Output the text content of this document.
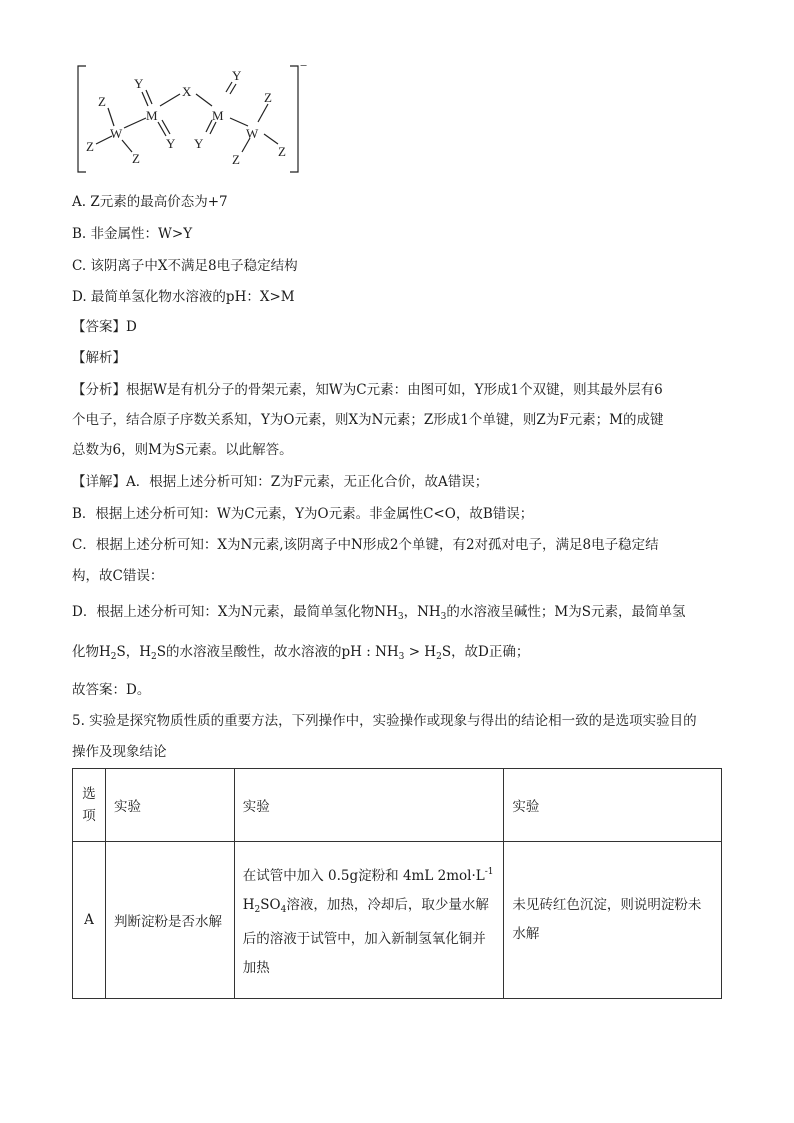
Z
Z
Z
W
Y
M
Y
X
Y
M
Y
W
Z
Z
Z
−
A. Z元素的最高价态为+7
B. 非金属性：W>Y
C. 该阴离子中X不满足8电子稳定结构
D. 最简单氢化物水溶液的pH：X>M
【答案】D
【解析】
【分析】根据W是有机分子的骨架元素，知W为C元素：由图可如，Y形成1个双键，则其最外层有6
个电子，结合原子序数关系知，Y为O元素，则X为N元素；Z形成1个单键，则Z为F元素；M的成键
总数为6，则M为S元素。以此解答。
【详解】A．根据上述分析可知：Z为F元素，无正化合价，故A错误；
B．根据上述分析可知：W为C元素，Y为O元素。非金属性C<O，故B错误；
C．根据上述分析可知：X为N元素,该阴离子中N形成2个单键，有2对孤对电子，满足8电子稳定结
构，故C错误：
D．根据上述分析可知：X为N元素，最简单氢化物$NH_3$，$NH_3$的水溶液呈碱性；M为S元素，最简单氢
化物$H_2S$，$H_2S$的水溶液呈酸性，故水溶液的pH : $NH_3 > H_2S$，故D正确；
故答案：D。
5. 实验是探究物质性质的重要方法，下列操作中，实验操作或现象与得出的结论相一致的是选项实验目的
操作及现象结论
选项	实验	实验	实验
A	判断淀粉是否水解	在试管中加入 0.5g淀粉和 4mL $2mol\cdot L^{-1}$
$H_2SO_4$溶液，加热，冷却后，取少量水解后的溶液于试管中，加入新制氢氧化铜并加热	未见砖红色沉淀，则说明淀粉未水解
